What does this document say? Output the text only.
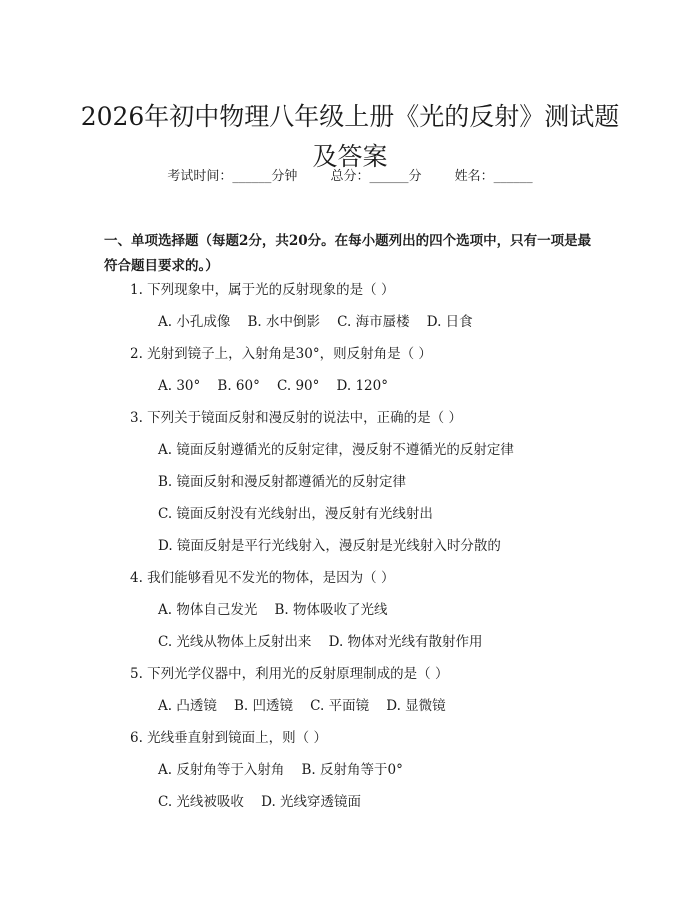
2026年初中物理八年级上册《光的反射》测试题及答案
考试时间：______分钟	总分：______分	姓名：______
一、单项选择题（每题2分，共20分。在每小题列出的四个选项中，只有一项是最符合题目要求的。）
1. 下列现象中，属于光的反射现象的是（ ）
A. 小孔成像    B. 水中倒影    C. 海市蜃楼    D. 日食
2. 光射到镜子上，入射角是30°，则反射角是（ ）
A. 30°    B. 60°    C. 90°    D. 120°
3. 下列关于镜面反射和漫反射的说法中，正确的是（ ）
A. 镜面反射遵循光的反射定律，漫反射不遵循光的反射定律
B. 镜面反射和漫反射都遵循光的反射定律
C. 镜面反射没有光线射出，漫反射有光线射出
D. 镜面反射是平行光线射入，漫反射是光线射入时分散的
4. 我们能够看见不发光的物体，是因为（ ）
A. 物体自己发光    B. 物体吸收了光线
C. 光线从物体上反射出来    D. 物体对光线有散射作用
5. 下列光学仪器中，利用光的反射原理制成的是（ ）
A. 凸透镜    B. 凹透镜    C. 平面镜    D. 显微镜
6. 光线垂直射到镜面上，则（ ）
A. 反射角等于入射角    B. 反射角等于0°
C. 光线被吸收    D. 光线穿透镜面
